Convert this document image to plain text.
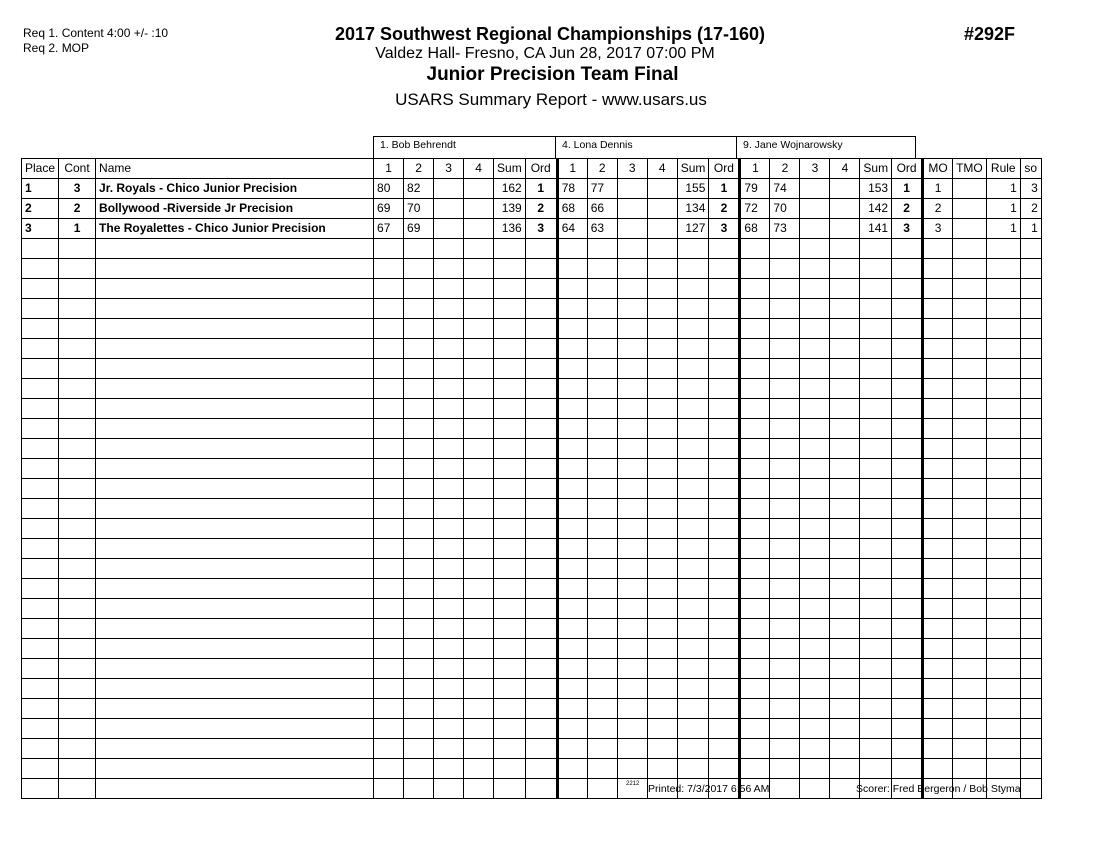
Req 1. Content 4:00 +/- :10
Req 2. MOP
2017 Southwest Regional Championships (17-160)
Valdez Hall- Fresno, CA Jun 28, 2017 07:00 PM
Junior Precision Team Final
USARS Summary Report - www.usars.us
#292F
1. Bob Behrendt	4. Lona Dennis	9. Jane Wojnarowsky
Place	Cont	Name	1	2	3	4	Sum	Ord	1	2	3	4	Sum	Ord	1	2	3	4	Sum	Ord	MO	TMO	Rule	so
1	3	Jr. Royals - Chico Junior Precision	80	82			162	1	78	77			155	1	79	74			153	1	1		1	3
2	2	Bollywood -Riverside Jr Precision	69	70			139	2	68	66			134	2	72	70			142	2	2		1	2
3	1	The Royalettes - Chico Junior Precision	67	69			136	3	64	63			127	3	68	73			141	3	3		1	1

2212 Printed: 7/3/2017 6:56 AM	Scorer: Fred Bergeron / Bob Styma
